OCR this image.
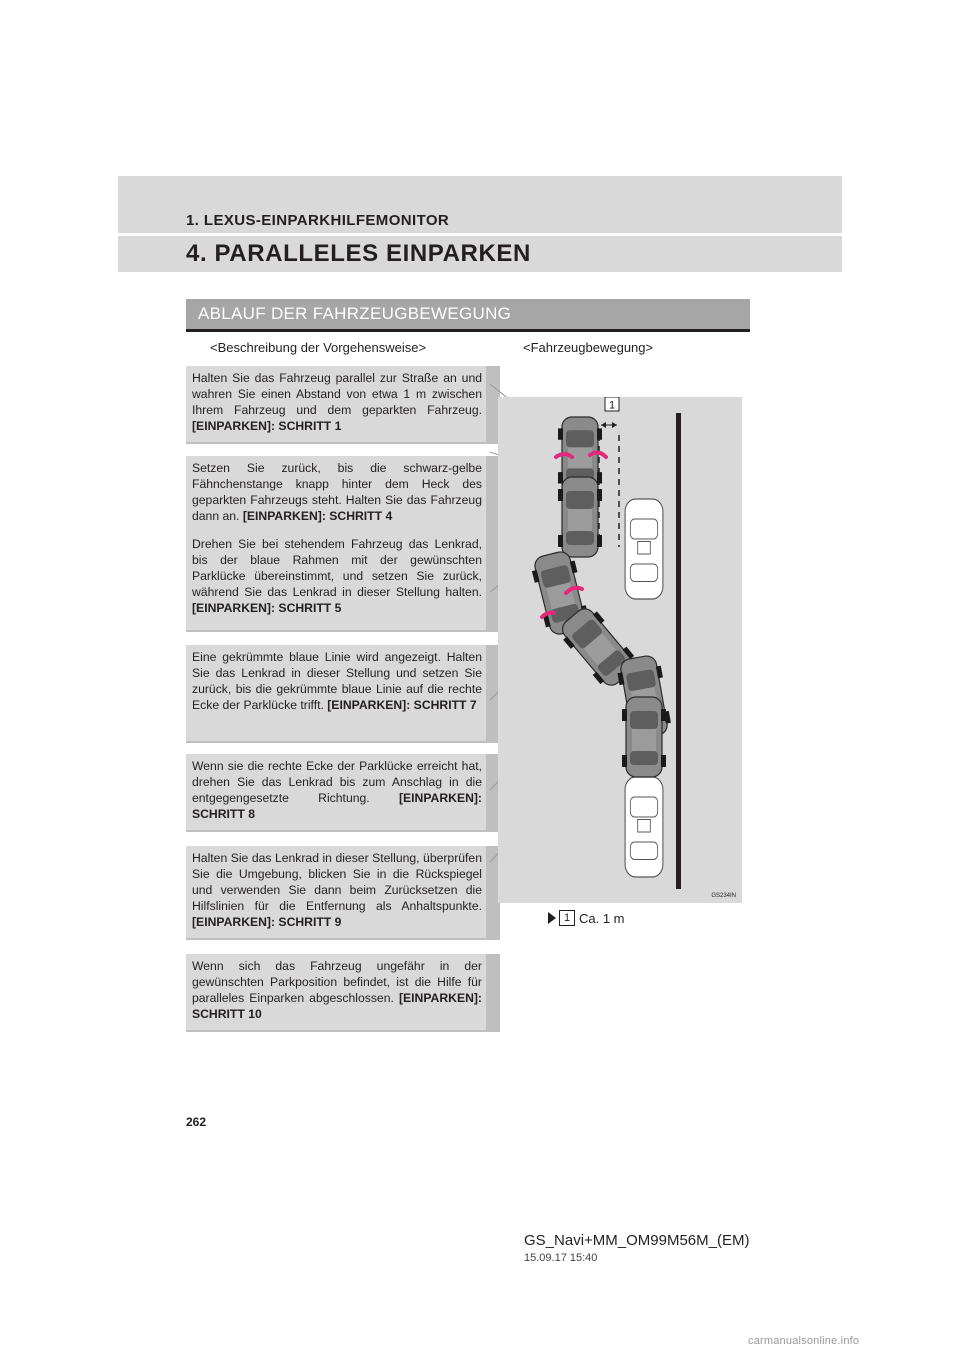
1. LEXUS-EINPARKHILFEMONITOR
4. PARALLELES EINPARKEN
ABLAUF DER FAHRZEUGBEWEGUNG
<Beschreibung der Vorgehensweise>	<Fahrzeugbewegung>

Halten Sie das Fahrzeug parallel zur Straße an und wahren Sie einen Abstand von etwa 1 m zwischen Ihrem Fahrzeug und dem geparkten Fahrzeug. [EINPARKEN]: SCHRITT 1

Setzen Sie zurück, bis die schwarz-gelbe Fähnchenstange knapp hinter dem Heck des geparkten Fahrzeugs steht. Halten Sie das Fahrzeug dann an. [EINPARKEN]: SCHRITT 4

Drehen Sie bei stehendem Fahrzeug das Lenkrad, bis der blaue Rahmen mit der gewünschten Parklücke übereinstimmt, und setzen Sie zurück, während Sie das Lenkrad in dieser Stellung halten. [EINPARKEN]: SCHRITT 5

Eine gekrümmte blaue Linie wird angezeigt. Halten Sie das Lenkrad in dieser Stellung und setzen Sie zurück, bis die gekrümmte blaue Linie auf die rechte Ecke der Parklücke trifft. [EINPARKEN]: SCHRITT 7

Wenn sie die rechte Ecke der Parklücke erreicht hat, drehen Sie das Lenkrad bis zum Anschlag in die entgegengesetzte Richtung. [EINPARKEN]: SCHRITT 8

Halten Sie das Lenkrad in dieser Stellung, überprüfen Sie die Umgebung, blicken Sie in die Rückspiegel und verwenden Sie dann beim Zurücksetzen die Hilfslinien für die Entfernung als Anhaltspunkte. [EINPARKEN]: SCHRITT 9

Wenn sich das Fahrzeug ungefähr in der gewünschten Parkposition befindet, ist die Hilfe für paralleles Einparken abgeschlossen. [EINPARKEN]: SCHRITT 10

1
GS234IN
1 Ca. 1 m
262
GS_Navi+MM_OM99M56M_(EM)
15.09.17 15:40
carmanualsonline.info
